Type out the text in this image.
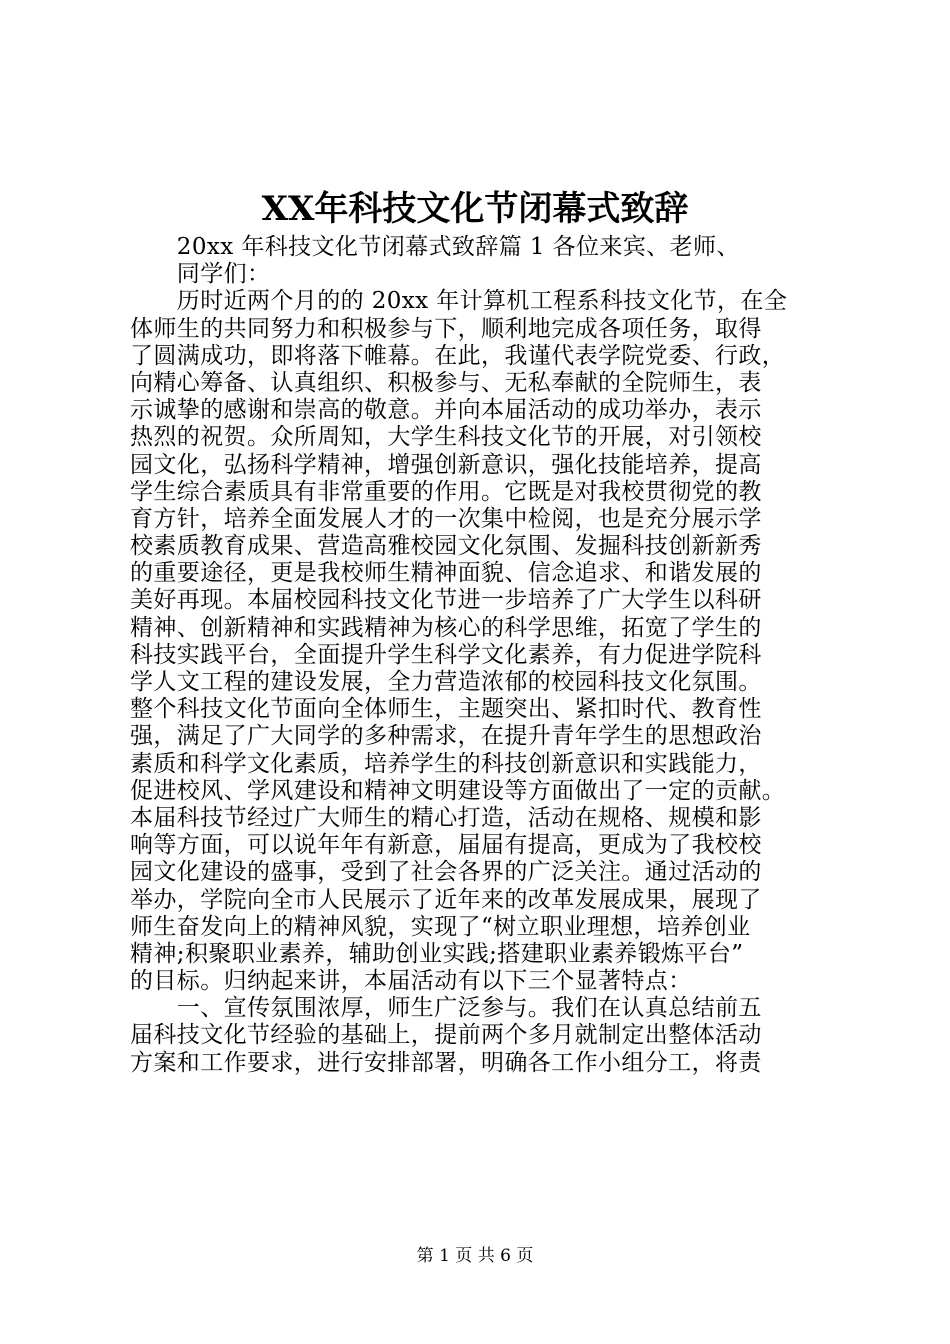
XX年科技文化节闭幕式致辞
　　20xx 年科技文化节闭幕式致辞篇 1 各位来宾、老师、
　　同学们：
　　历时近两个月的的 20xx 年计算机工程系科技文化节，在全
体师生的共同努力和积极参与下，顺利地完成各项任务，取得
了圆满成功，即将落下帷幕。在此，我谨代表学院党委、行政，
向精心筹备、认真组织、积极参与、无私奉献的全院师生，表
示诚挚的感谢和崇高的敬意。并向本届活动的成功举办，表示
热烈的祝贺。众所周知，大学生科技文化节的开展，对引领校
园文化，弘扬科学精神，增强创新意识，强化技能培养，提高
学生综合素质具有非常重要的作用。它既是对我校贯彻党的教
育方针，培养全面发展人才的一次集中检阅，也是充分展示学
校素质教育成果、营造高雅校园文化氛围、发掘科技创新新秀
的重要途径，更是我校师生精神面貌、信念追求、和谐发展的
美好再现。本届校园科技文化节进一步培养了广大学生以科研
精神、创新精神和实践精神为核心的科学思维，拓宽了学生的
科技实践平台，全面提升学生科学文化素养，有力促进学院科
学人文工程的建设发展，全力营造浓郁的校园科技文化氛围。
整个科技文化节面向全体师生，主题突出、紧扣时代、教育性
强，满足了广大同学的多种需求，在提升青年学生的思想政治
素质和科学文化素质，培养学生的科技创新意识和实践能力，
促进校风、学风建设和精神文明建设等方面做出了一定的贡献。
本届科技节经过广大师生的精心打造，活动在规格、规模和影
响等方面，可以说年年有新意，届届有提高，更成为了我校校
园文化建设的盛事，受到了社会各界的广泛关注。通过活动的
举办，学院向全市人民展示了近年来的改革发展成果，展现了
师生奋发向上的精神风貌，实现了“树立职业理想，培养创业
精神;积聚职业素养，辅助创业实践;搭建职业素养锻炼平台”
的目标。归纳起来讲，本届活动有以下三个显著特点：
　　一、宣传氛围浓厚，师生广泛参与。我们在认真总结前五
届科技文化节经验的基础上，提前两个多月就制定出整体活动
方案和工作要求，进行安排部署，明确各工作小组分工，将责
第 1 页 共 6 页
